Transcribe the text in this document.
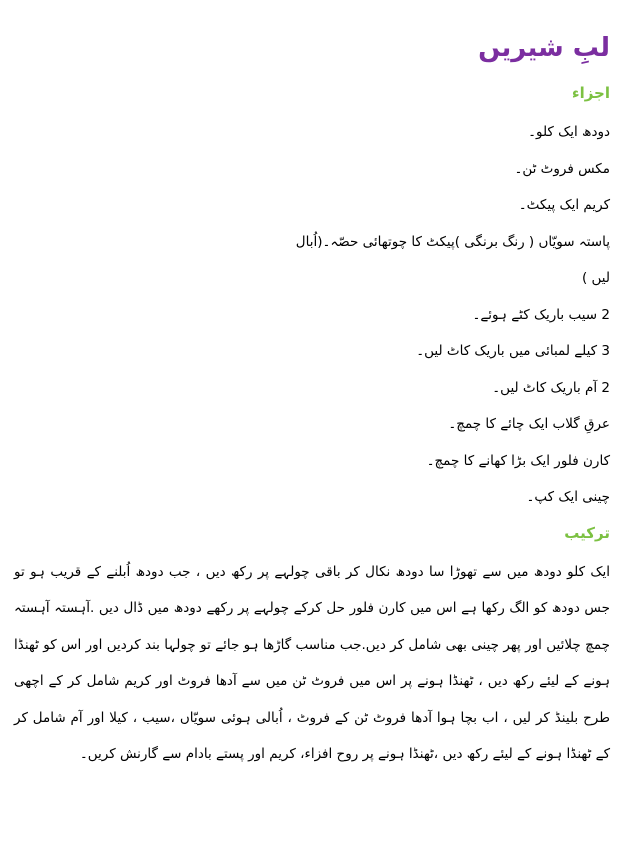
لبِ شیریں
اجزاء
دودھ ایک کلو۔
مکس فروٹ ٹن۔
کریم ایک پیکٹ۔
پاستہ سویّاں ( رنگ برنگی )پیکٹ کا چوتھائی حصّہ۔(اُبال
لیں )
2 سیب باریک کٹے ہوئے۔
3 کیلے لمبائی میں باریک کاٹ لیں۔
2 آم باریک کاٹ لیں۔
عرقِ گلاب ایک چائے کا چمچ۔
کارن فلور ایک بڑا کھانے کا چمچ۔
چینی ایک کپ۔
ترکیب

ایک کلو دودھ میں سے تھوڑا سا دودھ نکال کر باقی چولہے پر رکھ دیں ، جب دودھ اُبلنے کے قریب ہو تو جس دودھ کو الگ رکھا ہے اس میں کارن فلور حل کرکے چولہے پر رکھے دودھ میں ڈال دیں .آہستہ آہستہ چمچ چلائیں اور پھر چینی بھی شامل کر دیں.جب مناسب گاڑھا ہو جائے تو چولہا بند کردیں اور اس کو ٹھنڈا ہونے کے لیئے رکھ دیں ، ٹھنڈا ہونے پر اس میں فروٹ ٹن میں سے آدھا فروٹ اور کریم شامل کر کے اچھی طرح بلینڈ کر لیں ، اب بچا ہوا آدھا فروٹ ٹن کے فروٹ ، اُبالی ہوئی سویّاں ،سیب ، کیلا اور آم شامل کر کے ٹھنڈا ہونے کے لیئے رکھ دیں ،ٹھنڈا ہونے پر روح افزاء، کریم اور پستے بادام سے گارنش کریں۔
